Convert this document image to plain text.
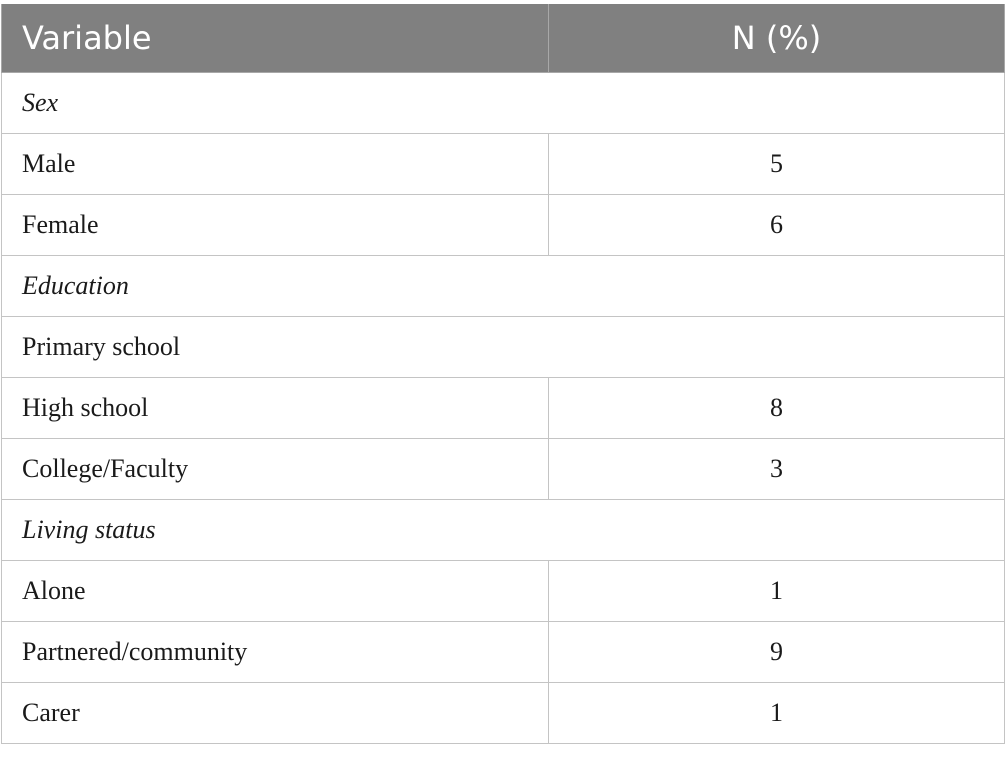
Variable	N (%)
Sex	
Male	5
Female	6
Education	
Primary school	
High school	8
College/Faculty	3
Living status	
Alone	1
Partnered/community	9
Carer	1
